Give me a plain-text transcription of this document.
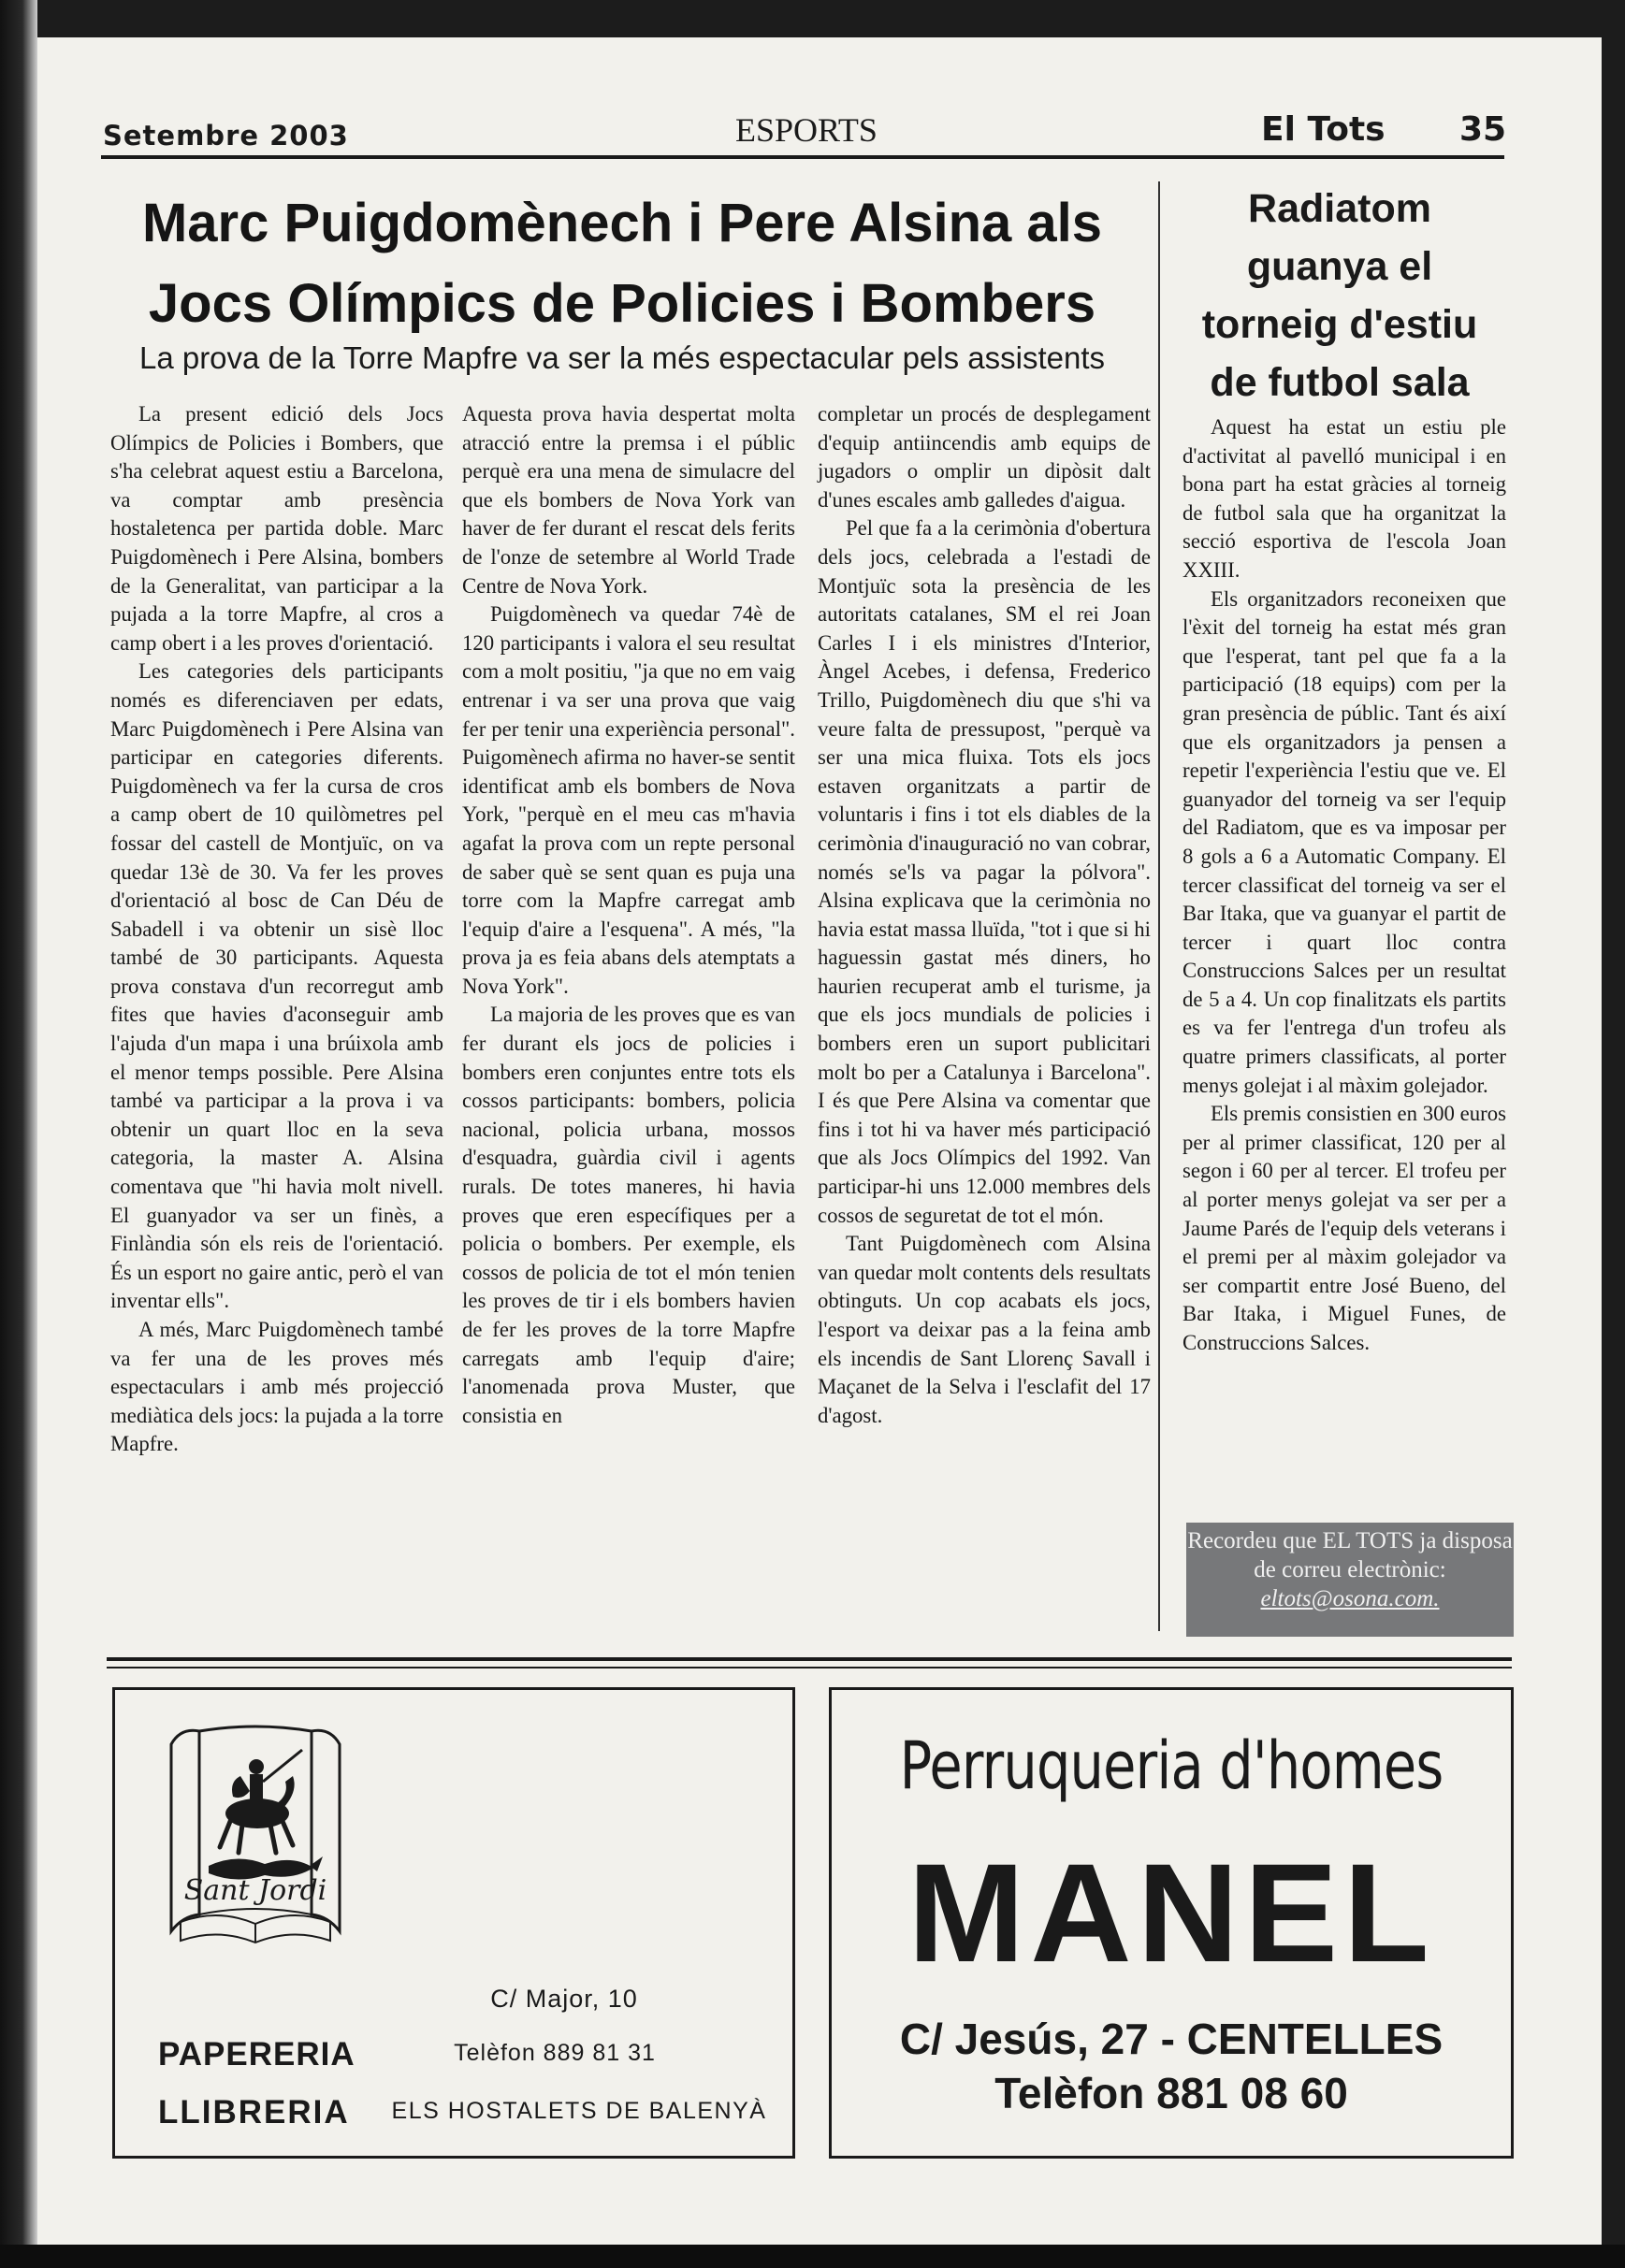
Setembre 2003	ESPORTS	El Tots 35
Marc Puigdomènech i Pere Alsina als
Jocs Olímpics de Policies i Bombers
La prova de la Torre Mapfre va ser la més espectacular pels assistents

La present edició dels Jocs Olímpics de Policies i Bombers, que s'ha celebrat aquest estiu a Barcelona, va comptar amb presència hostaletenca per partida doble. Marc Puigdomènech i Pere Alsina, bombers de la Generalitat, van participar a la pujada a la torre Mapfre, al cros a camp obert i a les proves d'orientació.

Les categories dels participants només es diferenciaven per edats, Marc Puigdomènech i Pere Alsina van participar en categories diferents. Puigdomènech va fer la cursa de cros a camp obert de 10 quilòmetres pel fossar del castell de Montjuïc, on va quedar 13è de 30. Va fer les proves d'orientació al bosc de Can Déu de Sabadell i va obtenir un sisè lloc també de 30 participants. Aquesta prova constava d'un recorregut amb fites que havies d'aconseguir amb l'ajuda d'un mapa i una brúixola amb el menor temps possible. Pere Alsina també va participar a la prova i va obtenir un quart lloc en la seva categoria, la master A. Alsina comentava que "hi havia molt nivell. El guanyador va ser un finès, a Finlàndia són els reis de l'orientació. És un esport no gaire antic, però el van inventar ells".

A més, Marc Puigdomènech també va fer una de les proves més espectaculars i amb més projecció mediàtica dels jocs: la pujada a la torre Mapfre.

Aquesta prova havia despertat molta atracció entre la premsa i el públic perquè era una mena de simulacre del que els bombers de Nova York van haver de fer durant el rescat dels ferits de l'onze de setembre al World Trade Centre de Nova York.

Puigdomènech va quedar 74è de 120 participants i valora el seu resultat com a molt positiu, "ja que no em vaig entrenar i va ser una prova que vaig fer per tenir una experiència personal". Puigomènech afirma no haver-se sentit identificat amb els bombers de Nova York, "perquè en el meu cas m'havia agafat la prova com un repte personal de saber què se sent quan es puja una torre com la Mapfre carregat amb l'equip d'aire a l'esquena". A més, "la prova ja es feia abans dels atemptats a Nova York".

La majoria de les proves que es van fer durant els jocs de policies i bombers eren conjuntes entre tots els cossos participants: bombers, policia nacional, policia urbana, mossos d'esquadra, guàrdia civil i agents rurals. De totes maneres, hi havia proves que eren específiques per a policia o bombers. Per exemple, els cossos de policia de tot el món tenien les proves de tir i els bombers havien de fer les proves de la torre Mapfre carregats amb l'equip d'aire; l'anomenada prova Muster, que consistia en

completar un procés de desplegament d'equip antiincendis amb equips de jugadors o omplir un dipòsit dalt d'unes escales amb galledes d'aigua.

Pel que fa a la cerimònia d'obertura dels jocs, celebrada a l'estadi de Montjuïc sota la presència de les autoritats catalanes, SM el rei Joan Carles I i els ministres d'Interior, Àngel Acebes, i defensa, Frederico Trillo, Puigdomènech diu que s'hi va veure falta de pressupost, "perquè va ser una mica fluixa. Tots els jocs estaven organitzats a partir de voluntaris i fins i tot els diables de la cerimònia d'inauguració no van cobrar, només se'ls va pagar la pólvora". Alsina explicava que la cerimònia no havia estat massa lluïda, "tot i que si hi haguessin gastat més diners, ho haurien recuperat amb el turisme, ja que els jocs mundials de policies i bombers eren un suport publicitari molt bo per a Catalunya i Barcelona". I és que Pere Alsina va comentar que fins i tot hi va haver més participació que als Jocs Olímpics del 1992. Van participar-hi uns 12.000 membres dels cossos de seguretat de tot el món.

Tant Puigdomènech com Alsina van quedar molt contents dels resultats obtinguts. Un cop acabats els jocs, l'esport va deixar pas a la feina amb els incendis de Sant Llorenç Savall i Maçanet de la Selva i l'esclafit del 17 d'agost.

Radiatom
guanya el
torneig d'estiu
de futbol sala

Aquest ha estat un estiu ple d'activitat al pavelló municipal i en bona part ha estat gràcies al torneig de futbol sala que ha organitzat la secció esportiva de l'escola Joan XXIII.

Els organitzadors reconeixen que l'èxit del torneig ha estat més gran que l'esperat, tant pel que fa a la participació (18 equips) com per la gran presència de públic. Tant és així que els organitzadors ja pensen a repetir l'experiència l'estiu que ve. El guanyador del torneig va ser l'equip del Radiatom, que es va imposar per 8 gols a 6 a Automatic Company. El tercer classificat del torneig va ser el Bar Itaka, que va guanyar el partit de tercer i quart lloc contra Construccions Salces per un resultat de 5 a 4. Un cop finalitzats els partits es va fer l'entrega d'un trofeu als quatre primers classificats, al porter menys golejat i al màxim golejador.

Els premis consistien en 300 euros per al primer classificat, 120 per al segon i 60 per al tercer. El trofeu per al porter menys golejat va ser per a Jaume Parés de l'equip dels veterans i el premi per al màxim golejador va ser compartit entre José Bueno, del Bar Itaka, i Miguel Funes, de Construccions Salces.

Recordeu que EL TOTS ja disposa de correu electrònic:
eltots@osona.com.
Sant Jordi
C/ Major, 10
Telèfon 889 81 31
PAPERERIA
LLIBRERIA	ELS HOSTALETS DE BALENYÀ
Perruqueria d'homes
MANEL
C/ Jesús, 27 - CENTELLES
Telèfon 881 08 60
